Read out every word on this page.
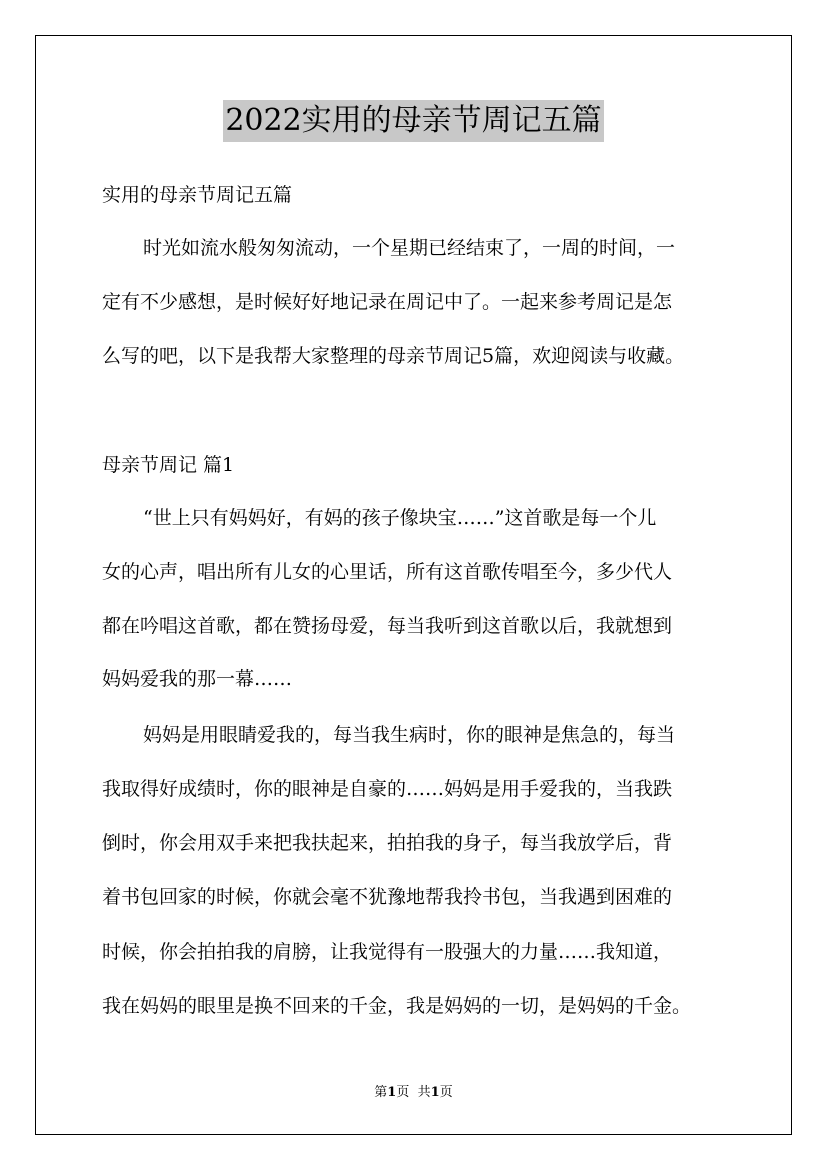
2022实用的母亲节周记五篇
实用的母亲节周记五篇
时光如流水般匆匆流动，一个星期已经结束了，一周的时间，一
定有不少感想，是时候好好地记录在周记中了。一起来参考周记是怎
么写的吧，以下是我帮大家整理的母亲节周记5篇，欢迎阅读与收藏。
母亲节周记 篇1
“世上只有妈妈好，有妈的孩子像块宝……”这首歌是每一个儿
女的心声，唱出所有儿女的心里话，所有这首歌传唱至今，多少代人
都在吟唱这首歌，都在赞扬母爱，每当我听到这首歌以后，我就想到
妈妈爱我的那一幕……
妈妈是用眼睛爱我的，每当我生病时，你的眼神是焦急的，每当
我取得好成绩时，你的眼神是自豪的……妈妈是用手爱我的，当我跌
倒时，你会用双手来把我扶起来，拍拍我的身子，每当我放学后，背
着书包回家的时候，你就会毫不犹豫地帮我拎书包，当我遇到困难的
时候，你会拍拍我的肩膀，让我觉得有一股强大的力量……我知道，
我在妈妈的眼里是换不回来的千金，我是妈妈的一切，是妈妈的千金。
第1页 共1页
